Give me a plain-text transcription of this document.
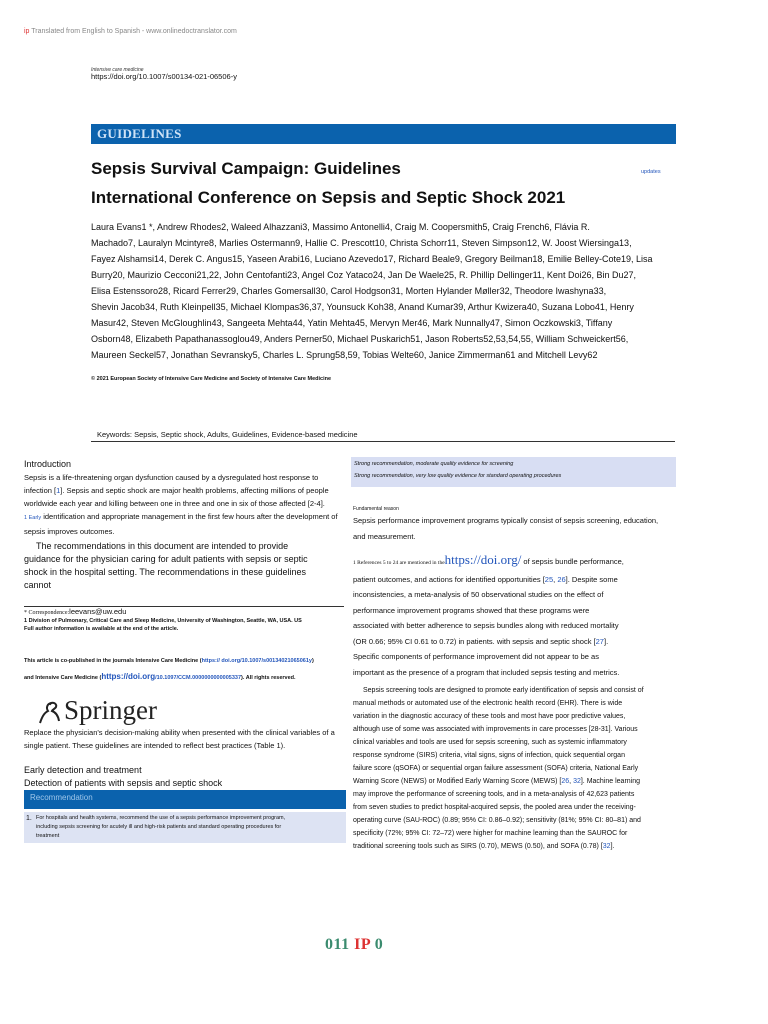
ip Translated from English to Spanish - www.onlinedoctranslator.com
Intensive care medicine
https://doi.org/10.1007/s00134-021-06506-y
GUIDELINES
Sepsis Survival Campaign: Guidelines
International Conference on Sepsis and Septic Shock 2021
updates
Laura Evans1 *, Andrew Rhodes2, Waleed Alhazzani3, Massimo Antonelli4, Craig M. Coopersmith5, Craig French6, Flávia R.
Machado7, Lauralyn Mcintyre8, Marlies Ostermann9, Hallie C. Prescott10, Christa Schorr11, Steven Simpson12, W. Joost Wiersinga13,
Fayez Alshamsi14, Derek C. Angus15, Yaseen Arabi16, Luciano Azevedo17, Richard Beale9, Gregory Beilman18, Emilie Belley-Cote19, Lisa
Burry20, Maurizio Cecconi21,22, John Centofanti23, Angel Coz Yataco24, Jan De Waele25, R. Phillip Dellinger11, Kent Doi26, Bin Du27,
Elisa Estenssoro28, Ricard Ferrer29, Charles Gomersall30, Carol Hodgson31, Morten Hylander Møller32, Theodore Iwashyna33,
Shevin Jacob34, Ruth Kleinpell35, Michael Klompas36,37, Younsuck Koh38, Anand Kumar39, Arthur Kwizera40, Suzana Lobo41, Henry
Masur42, Steven McGloughlin43, Sangeeta Mehta44, Yatin Mehta45, Mervyn Mer46, Mark Nunnally47, Simon Oczkowski3, Tiffany
Osborn48, Elizabeth Papathanassoglou49, Anders Perner50, Michael Puskarich51, Jason Roberts52,53,54,55, William Schweickert56,
Maureen Seckel57, Jonathan Sevransky5, Charles L. Sprung58,59, Tobias Welte60, Janice Zimmerman61 and Mitchell Levy62
© 2021 European Society of Intensive Care Medicine and Society of Intensive Care Medicine
Keywords: Sepsis, Septic shock, Adults, Guidelines, Evidence-based medicine
Introduction
Sepsis is a life-threatening organ dysfunction caused by a dysregulated host response to
infection [1]. Sepsis and septic shock are major health problems, affecting millions of people
worldwide each year and killing between one in three and one in six of those affected [2-4].
1 Early identification and appropriate management in the first few hours after the development of
sepsis improves outcomes.
The recommendations in this document are intended to provide
guidance for the physician caring for adult patients with sepsis or septic
shock in the hospital setting. The recommendations in these guidelines
cannot
* Correspondence:leevans@uw.edu
1 Division of Pulmonary, Critical Care and Sleep Medicine, University of Washington, Seattle, WA, USA. US
Full author information is available at the end of the article.
This article is co-published in the journals Intensive Care Medicine (https:// doi.org/10.1007/s00134021065061y)
and Intensive Care Medicine (https://doi.org/10.1097/CCM.0000000000005337). All rights reserved.
Springer
Replace the physician's decision-making ability when presented with the clinical variables of a
single patient. These guidelines are intended to reflect best practices (Table 1).
Early detection and treatment
Detection of patients with sepsis and septic shock
Recommendation
1. For hospitals and health systems, recommend the use of a sepsis performance improvement program,
including sepsis screening for acutely ill and high-risk patients and standard operating procedures for
treatment
Strong recommendation, moderate quality evidence for screening
Strong recommendation, very low quality evidence for standard operating procedures
Fundamental reason
Sepsis performance improvement programs typically consist of sepsis screening, education,
and measurement.
1 References 5 to 24 are mentioned in thehttps://doi.org/ of sepsis bundle performance,
patient outcomes, and actions for identified opportunities [25, 26]. Despite some
inconsistencies, a meta-analysis of 50 observational studies on the effect of
performance improvement programs showed that these programs were
associated with better adherence to sepsis bundles along with reduced mortality
(OR 0.66; 95% CI 0.61 to 0.72) in patients. with sepsis and septic shock [27].
Specific components of performance improvement did not appear to be as
important as the presence of a program that included sepsis testing and metrics.
Sepsis screening tools are designed to promote early identification of sepsis and consist of
manual methods or automated use of the electronic health record (EHR). There is wide
variation in the diagnostic accuracy of these tools and most have poor predictive values,
although use of some was associated with improvements in care processes [28-31]. Various
clinical variables and tools are used for sepsis screening, such as systemic inflammatory
response syndrome (SIRS) criteria, vital signs, signs of infection, quick sequential organ
failure score (qSOFA) or sequential organ failure assessment (SOFA) criteria, National Early
Warning Score (NEWS) or Modified Early Warning Score (MEWS) [26, 32]. Machine learning
may improve the performance of screening tools, and in a meta-analysis of 42,623 patients
from seven studies to predict hospital-acquired sepsis, the pooled area under the receiving-
operating curve (SAU-ROC) (0.89; 95% CI: 0.86–0.92); sensitivity (81%; 95% CI: 80–81) and
specificity (72%; 95% CI: 72–72) were higher for machine learning than the SAUROC for
traditional screening tools such as SIRS (0.70), MEWS (0.50), and SOFA (0.78) [32].
011 IP 0
